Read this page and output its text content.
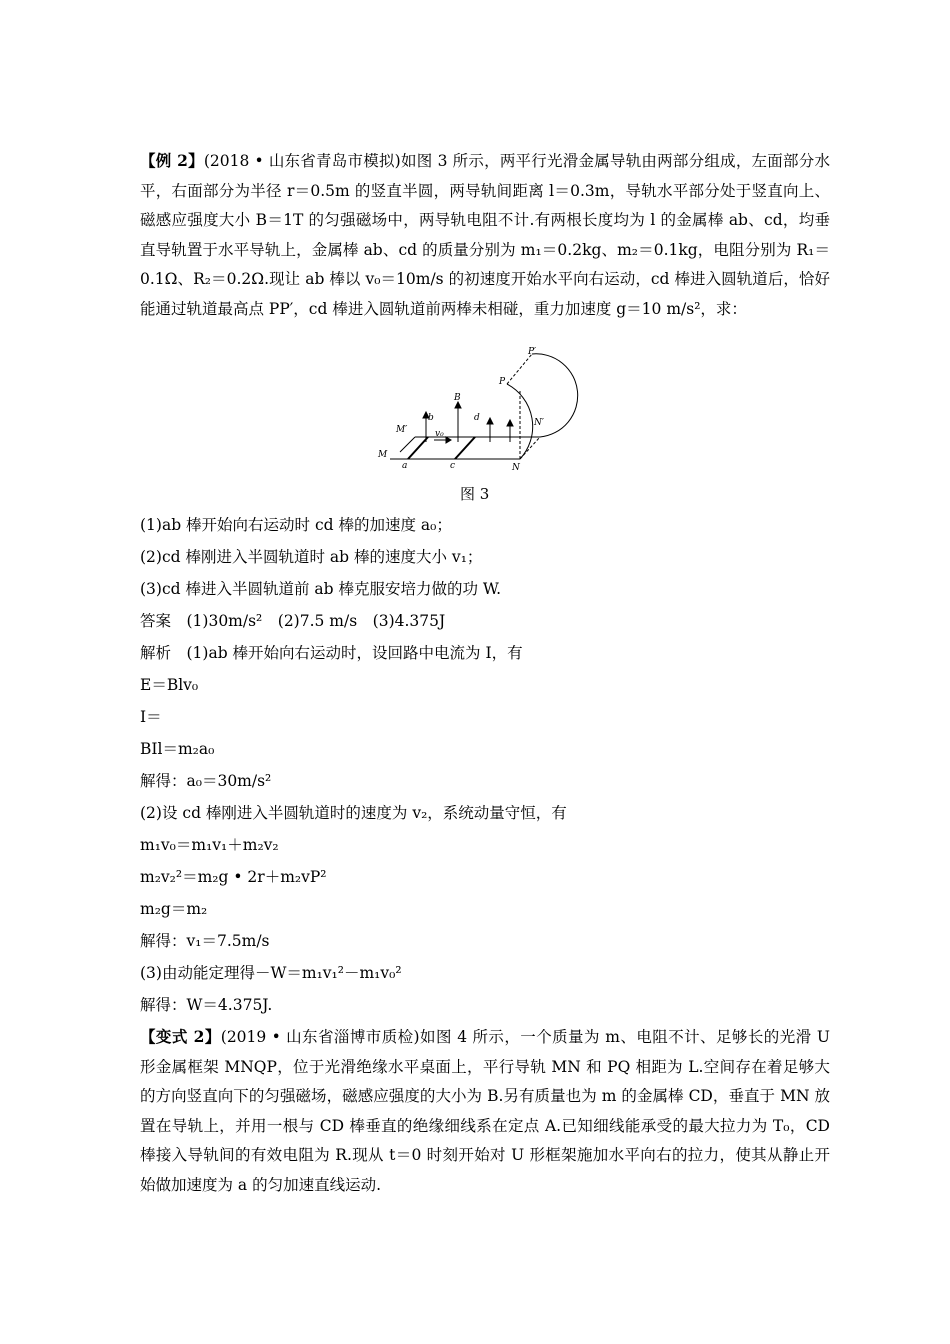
【例 2】(2018 • 山东省青岛市模拟)如图 3 所示，两平行光滑金属导轨由两部分组成，左面部分水平，右面部分为半径 r＝0.5m 的竖直半圆，两导轨间距离 l＝0.3m，导轨水平部分处于竖直向上、磁感应强度大小 B＝1T 的匀强磁场中，两导轨电阻不计.有两根长度均为 l 的金属棒 ab、cd，均垂直导轨置于水平导轨上，金属棒 ab、cd 的质量分别为 m₁＝0.2kg、m₂＝0.1kg，电阻分别为 R₁＝0.1Ω、R₂＝0.2Ω.现让 ab 棒以 v₀＝10m/s 的初速度开始水平向右运动，cd 棒进入圆轨道后，恰好能通过轨道最高点 PP′，cd 棒进入圆轨道前两棒未相碰，重力加速度 g＝10 m/s²，求：
P′
P
N′
N
M′
M
a
b
c
d
B
v₀
图 3
(1)ab 棒开始向右运动时 cd 棒的加速度 a₀；
(2)cd 棒刚进入半圆轨道时 ab 棒的速度大小 v₁；
(3)cd 棒进入半圆轨道前 ab 棒克服安培力做的功 W.
答案　(1)30m/s²　(2)7.5 m/s　(3)4.375J
解析　(1)ab 棒开始向右运动时，设回路中电流为 I，有
E＝Blv₀
I＝
BIl＝m₂a₀
解得：a₀＝30m/s²
(2)设 cd 棒刚进入半圆轨道时的速度为 v₂，系统动量守恒，有
m₁v₀＝m₁v₁＋m₂v₂
m₂v₂²＝m₂g • 2r＋m₂vP²
m₂g＝m₂
解得：v₁＝7.5m/s
(3)由动能定理得－W＝m₁v₁²－m₁v₀²
解得：W＝4.375J.
【变式 2】(2019 • 山东省淄博市质检)如图 4 所示，一个质量为 m、电阻不计、足够长的光滑 U 形金属框架 MNQP，位于光滑绝缘水平桌面上，平行导轨 MN 和 PQ 相距为 L.空间存在着足够大的方向竖直向下的匀强磁场，磁感应强度的大小为 B.另有质量也为 m 的金属棒 CD，垂直于 MN 放置在导轨上，并用一根与 CD 棒垂直的绝缘细线系在定点 A.已知细线能承受的最大拉力为 T₀，CD 棒接入导轨间的有效电阻为 R.现从 t＝0 时刻开始对 U 形框架施加水平向右的拉力，使其从静止开始做加速度为 a 的匀加速直线运动.
